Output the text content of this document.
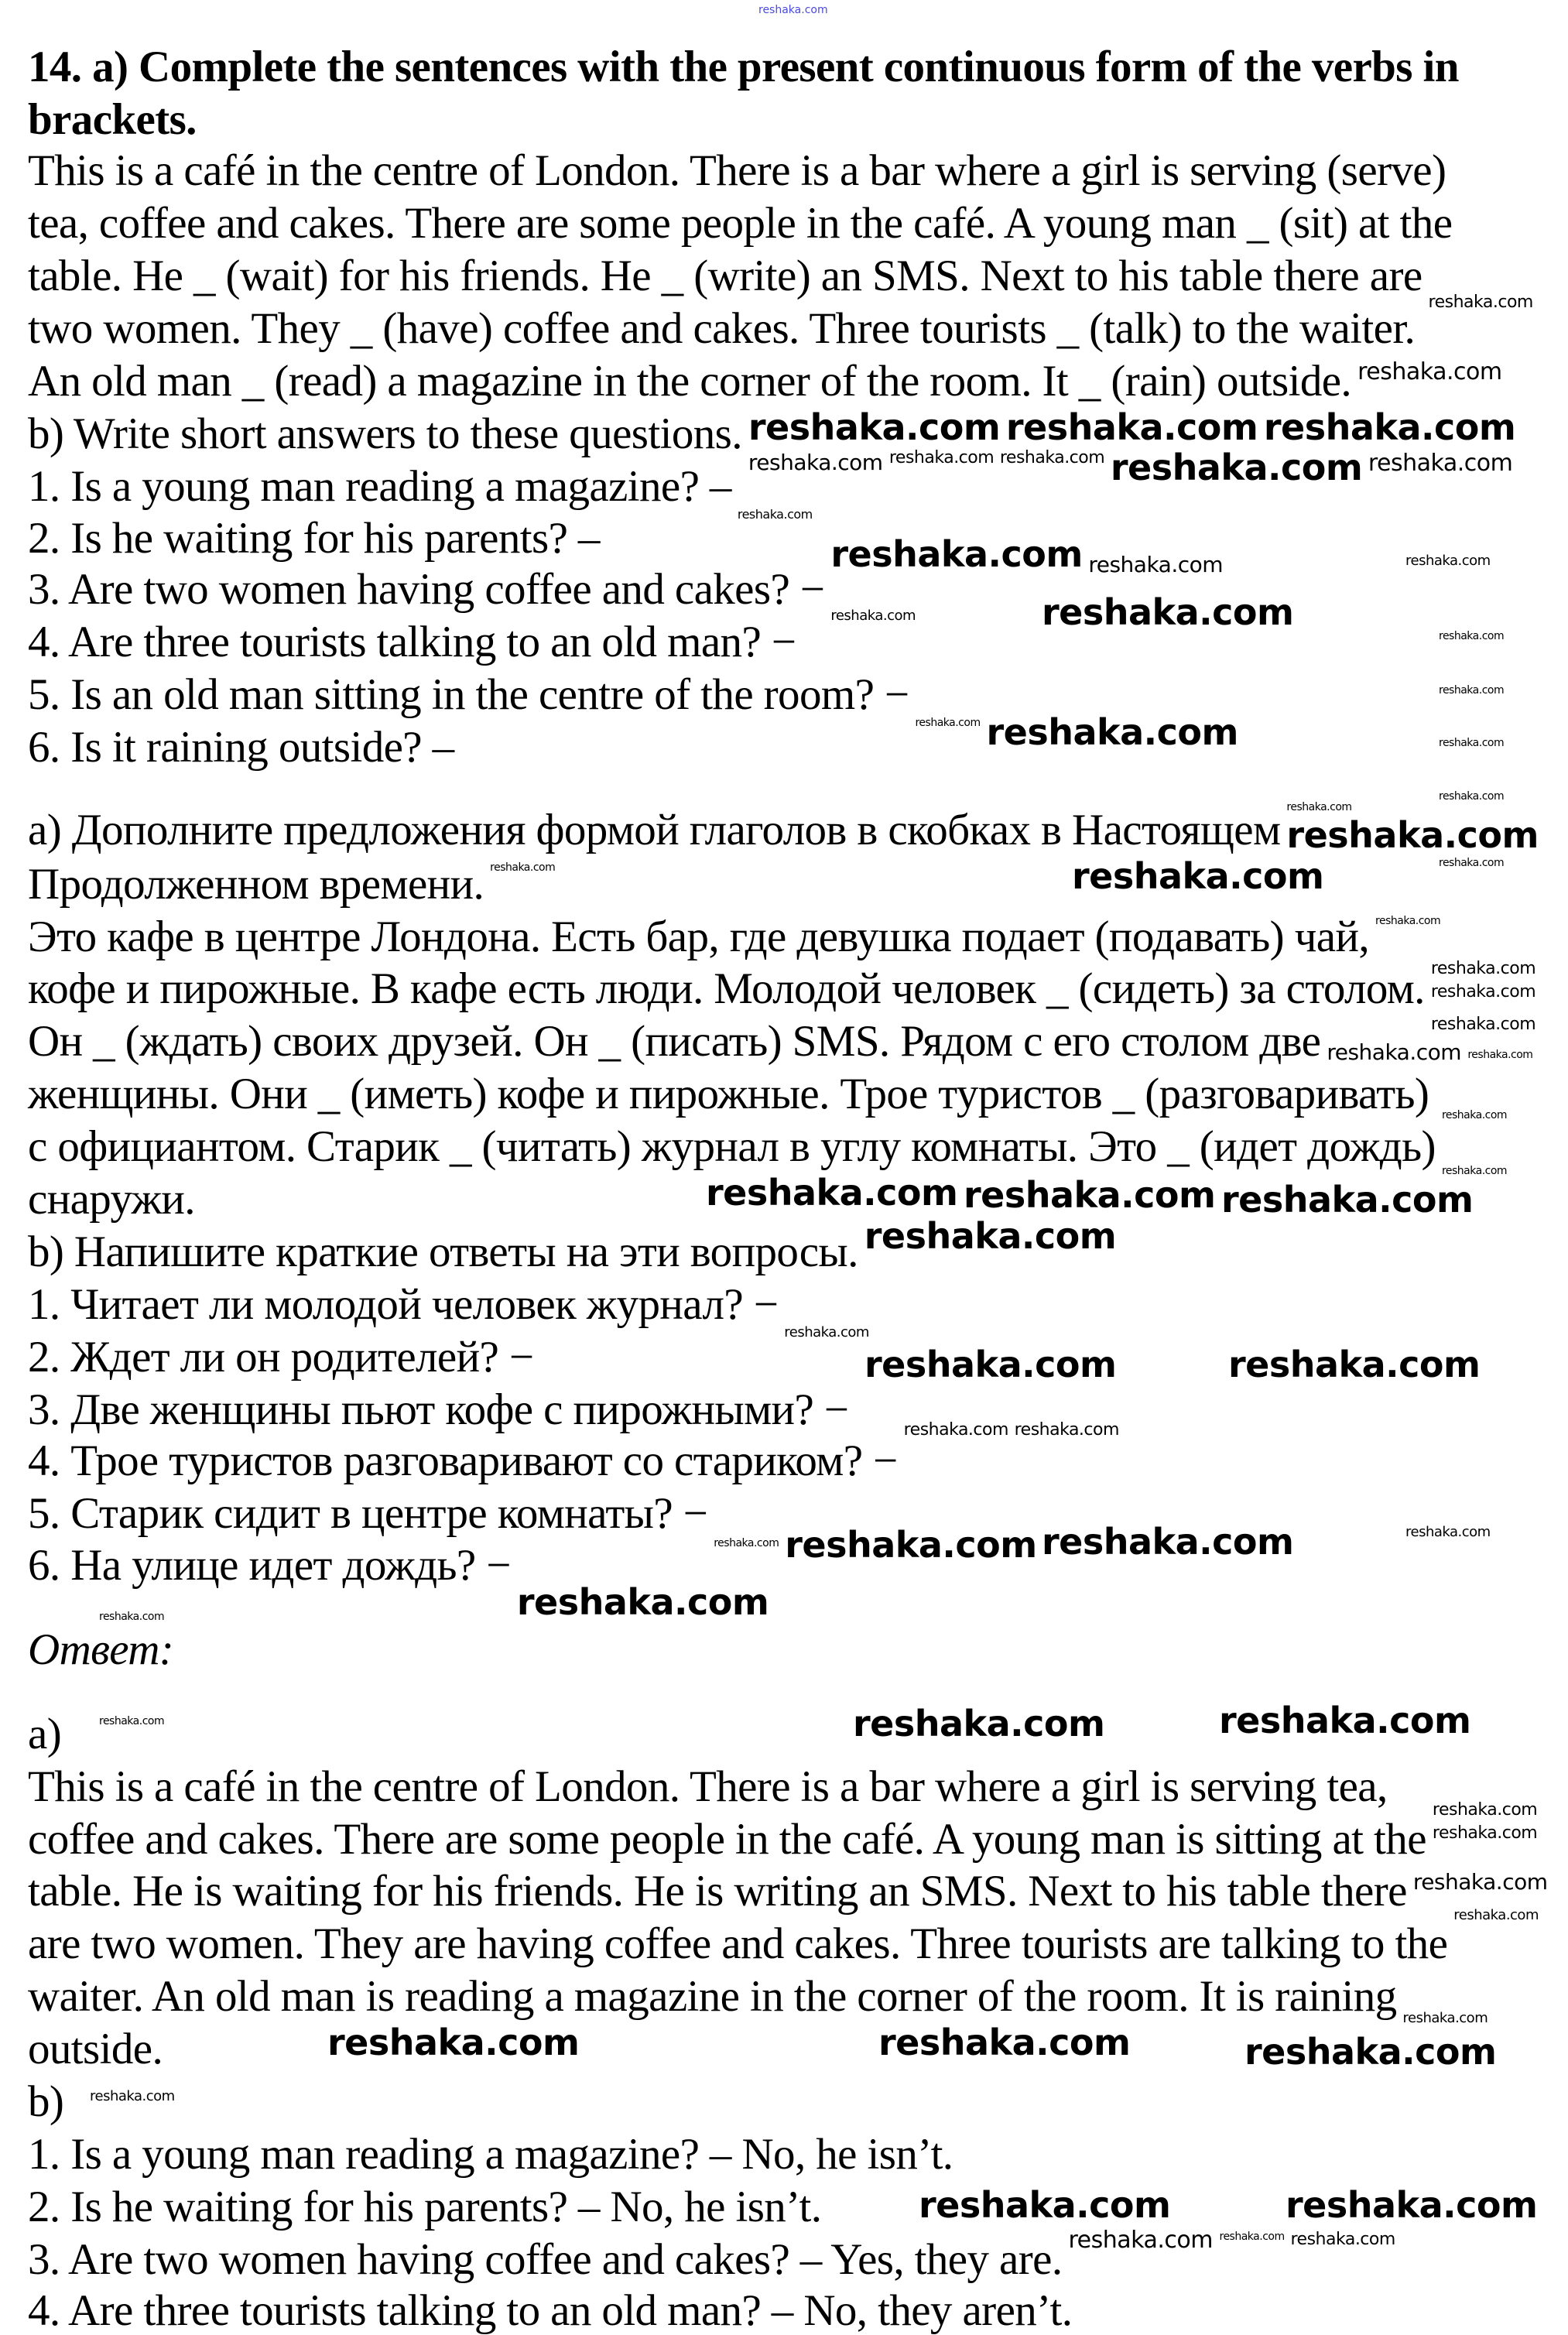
reshaka.com
14. a) Complete the sentences with the present continuous form of the verbs in
brackets.
This is a café in the centre of London. There is a bar where a girl is serving (serve)
tea, coffee and cakes. There are some people in the café. A young man _ (sit) at the
table. He _ (wait) for his friends. He _ (write) an SMS. Next to his table there are
two women. They _ (have) coffee and cakes. Three tourists _ (talk) to the waiter.
An old man _ (read) a magazine in the corner of the room. It _ (rain) outside.
b) Write short answers to these questions.
1. Is a young man reading a magazine? –
2. Is he waiting for his parents? –
3. Are two women having coffee and cakes? −
4. Are three tourists talking to an old man? −
5. Is an old man sitting in the centre of the room? −
6. Is it raining outside? –
а) Дополните предложения формой глаголов в скобках в Настоящем
Продолженном времени.
Это кафе в центре Лондона. Есть бар, где девушка подает (подавать) чай,
кофе и пирожные. В кафе есть люди. Молодой человек _ (сидеть) за столом.
Он _ (ждать) своих друзей. Он _ (писать) SMS. Рядом с его столом две
женщины. Они _ (иметь) кофе и пирожные. Трое туристов _ (разговаривать)
с официантом. Старик _ (читать) журнал в углу комнаты. Это _ (идет дождь)
снаружи.
b) Напишите краткие ответы на эти вопросы.
1. Читает ли молодой человек журнал? −
2. Ждет ли он родителей? −
3. Две женщины пьют кофе с пирожными? −
4. Трое туристов разговаривают со стариком? −
5. Старик сидит в центре комнаты? −
6. На улице идет дождь? −
Ответ:
a)
This is a café in the centre of London. There is a bar where a girl is serving tea,
coffee and cakes. There are some people in the café. A young man is sitting at the
table. He is waiting for his friends. He is writing an SMS. Next to his table there
are two women. They are having coffee and cakes. Three tourists are talking to the
waiter. An old man is reading a magazine in the corner of the room. It is raining
outside.
b)
1. Is a young man reading a magazine? – No, he isn’t.
2. Is he waiting for his parents? – No, he isn’t.
3. Are two women having coffee and cakes? – Yes, they are.
4. Are three tourists talking to an old man? – No, they aren’t.
reshaka.com reshaka.com reshaka.com
reshaka.com
reshaka.com
reshaka.com reshaka.com reshaka.com reshaka.com reshaka.com
reshaka.com
reshaka.com reshaka.com	reshaka.com
reshaka.com	reshaka.com
reshaka.com
reshaka.com
reshaka.com
reshaka.com	reshaka.com
reshaka.com
reshaka.com
reshaka.com
reshaka.com
reshaka.com
reshaka.com
reshaka.com
reshaka.com
reshaka.com
reshaka.com
reshaka.com
reshaka.com reshaka.com
reshaka.com
reshaka.com
reshaka.com reshaka.com
reshaka.com
reshaka.com
reshaka.com	reshaka.com
reshaka.com reshaka.com
reshaka.com reshaka.com reshaka.com	reshaka.com
reshaka.com	reshaka.com
reshaka.com	reshaka.com	reshaka.com
reshaka.com
reshaka.com
reshaka.com
reshaka.com
reshaka.com
reshaka.com	reshaka.com	reshaka.com
reshaka.com
reshaka.com	reshaka.com
reshaka.com reshaka.com reshaka.com
